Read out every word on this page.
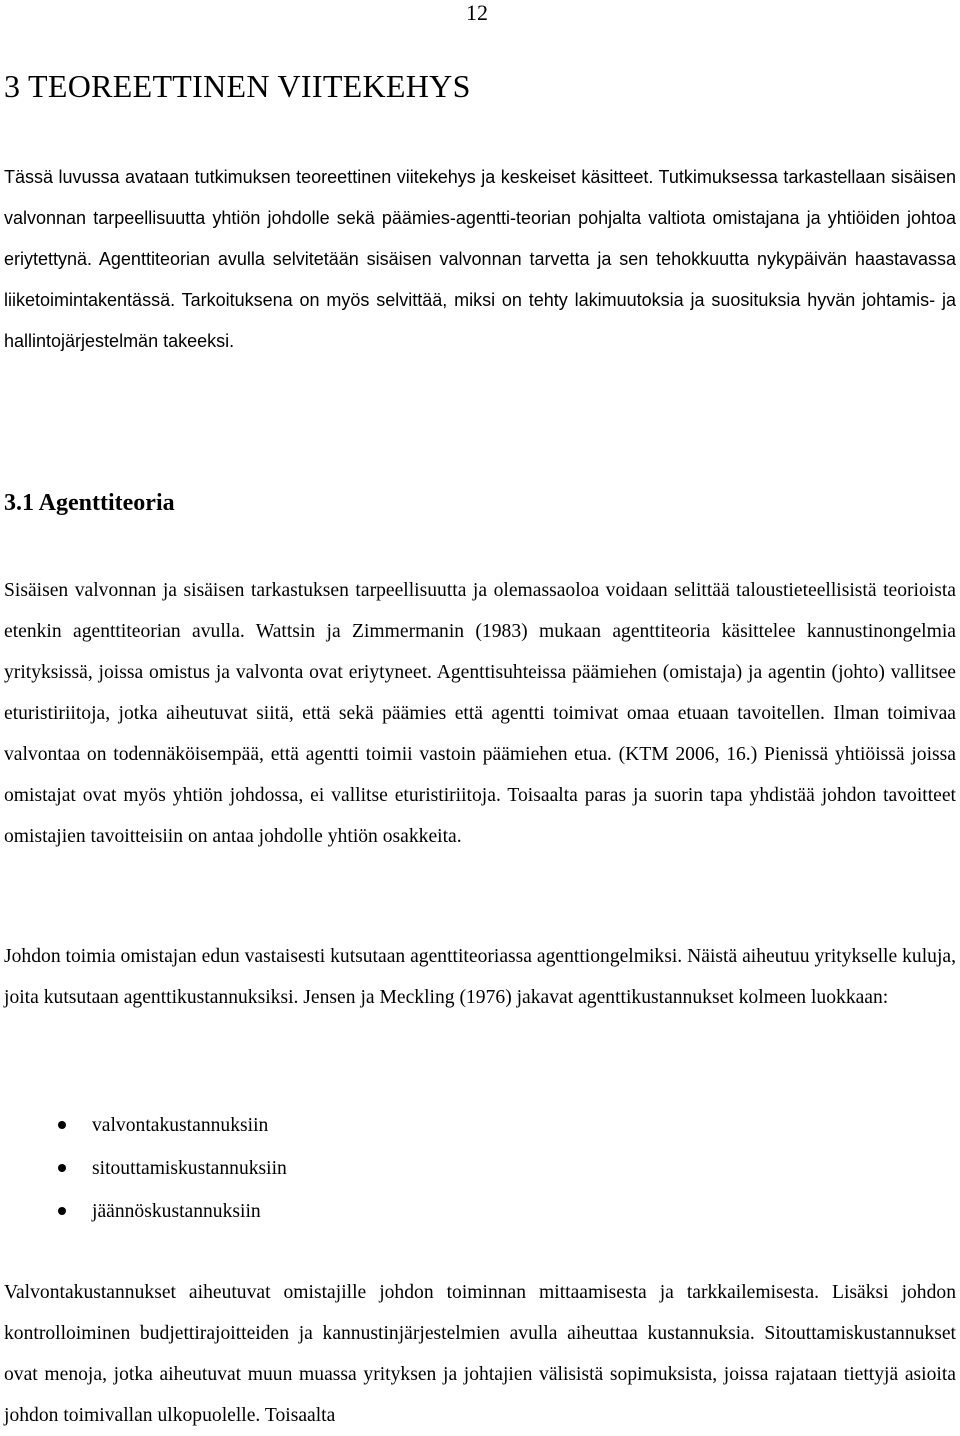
12
3 TEOREETTINEN VIITEKEHYS

Tässä luvussa avataan tutkimuksen teoreettinen viitekehys ja keskeiset käsitteet. Tutkimuksessa tarkastellaan sisäisen valvonnan tarpeellisuutta yhtiön johdolle sekä päämies-agentti-teorian pohjalta valtiota omistajana ja yhtiöiden johtoa eriytettynä. Agenttiteorian avulla selvitetään sisäisen valvonnan tarvetta ja sen tehokkuutta nykypäivän haastavassa liiketoimintakentässä. Tarkoituksena on myös selvittää, miksi on tehty lakimuutoksia ja suosituksia hyvän johtamis- ja hallintojärjestelmän takeeksi.

3.1 Agenttiteoria

Sisäisen valvonnan ja sisäisen tarkastuksen tarpeellisuutta ja olemassaoloa voidaan selittää taloustieteellisistä teorioista etenkin agenttiteorian avulla. Wattsin ja Zimmermanin (1983) mukaan agenttiteoria käsittelee kannustinongelmia yrityksissä, joissa omistus ja valvonta ovat eriytyneet. Agenttisuhteissa päämiehen (omistaja) ja agentin (johto) vallitsee eturistiriitoja, jotka aiheutuvat siitä, että sekä päämies että agentti toimivat omaa etuaan tavoitellen. Ilman toimivaa valvontaa on todennäköisempää, että agentti toimii vastoin päämiehen etua. (KTM 2006, 16.) Pienissä yhtiöissä joissa omistajat ovat myös yhtiön johdossa, ei vallitse eturistiriitoja. Toisaalta paras ja suorin tapa yhdistää johdon tavoitteet omistajien tavoitteisiin on antaa johdolle yhtiön osakkeita.

Johdon toimia omistajan edun vastaisesti kutsutaan agenttiteoriassa agenttiongelmiksi. Näistä aiheutuu yritykselle kuluja, joita kutsutaan agenttikustannuksiksi. Jensen ja Meckling (1976) jakavat agenttikustannukset kolmeen luokkaan:

valvontakustannuksiin
sitouttamiskustannuksiin
jäännöskustannuksiin

Valvontakustannukset aiheutuvat omistajille johdon toiminnan mittaamisesta ja tarkkailemisesta. Lisäksi johdon kontrolloiminen budjettirajoitteiden ja kannustinjärjestelmien avulla aiheuttaa kustannuksia. Sitouttamiskustannukset ovat menoja, jotka aiheutuvat muun muassa yrityksen ja johtajien välisistä sopimuksista, joissa rajataan tiettyjä asioita johdon toimivallan ulkopuolelle. Toisaalta
